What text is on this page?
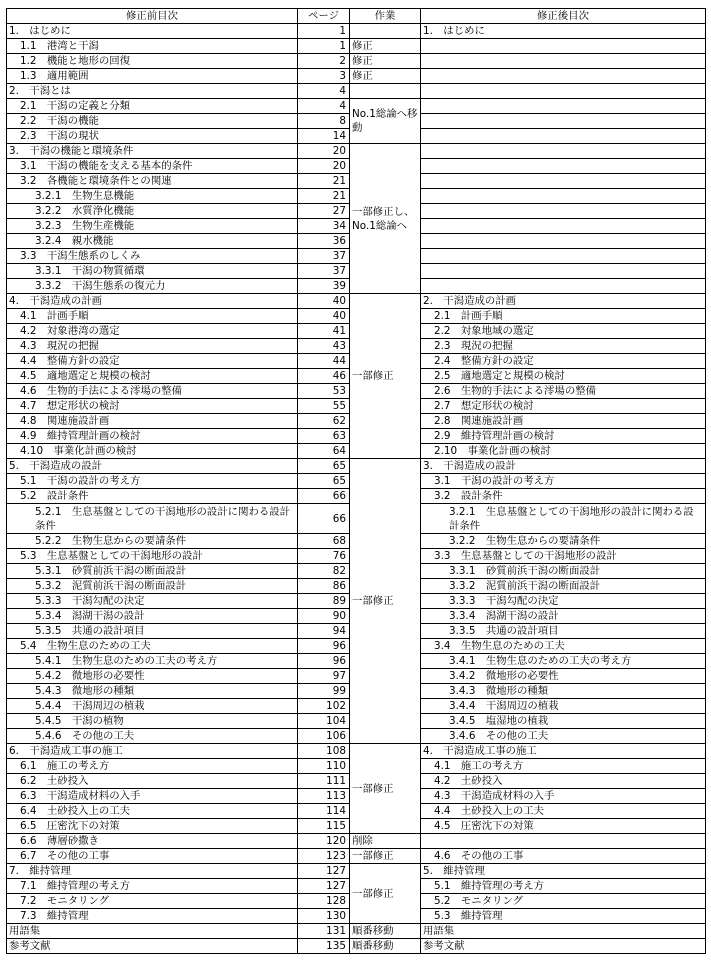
修正前目次	ページ	作業	修正後目次
1.　はじめに	1		1.　はじめに
1.1　港湾と干潟	1	修正	
1.2　機能と地形の回復	2	修正	
1.3　適用範囲	3	修正	
2.　干潟とは	4		
2.1　干潟の定義と分類	4	No.1総論へ移動	
2.2　干潟の機能	8		
2.3　干潟の現状	14		
3.　干潟の機能と環境条件	20	一部修正し、No.1総論へ	
3.1　干潟の機能を支える基本的条件	20		
3.2　各機能と環境条件との関連	21		
3.2.1　生物生息機能	21		
3.2.2　水質浄化機能	27		
3.2.3　生物生産機能	34		
3.2.4　親水機能	36		
3.3　干潟生態系のしくみ	37		
3.3.1　干潟の物質循環	37		
3.3.2　干潟生態系の復元力	39		
4.　干潟造成の計画	40	一部修正	2.　干潟造成の計画
4.1　計画手順	40		2.1　計画手順
4.2　対象港湾の選定	41		2.2　対象地域の選定
4.3　現況の把握	43		2.3　現況の把握
4.4　整備方針の設定	44		2.4　整備方針の設定
4.5　適地選定と規模の検討	46		2.5　適地選定と規模の検討
4.6　生物的手法による澪場の整備	53		2.6　生物的手法による澪場の整備
4.7　想定形状の検討	55		2.7　想定形状の検討
4.8　関連施設計画	62		2.8　関連施設計画
4.9　維持管理計画の検討	63		2.9　維持管理計画の検討
4.10　事業化計画の検討	64		2.10　事業化計画の検討
5.　干潟造成の設計	65	一部修正	3.　干潟造成の設計
5.1　干潟の設計の考え方	65		3.1　干潟の設計の考え方
5.2　設計条件	66		3.2　設計条件
5.2.1　生息基盤としての干潟地形の設計に関わる設計条件	66		3.2.1　生息基盤としての干潟地形の設計に関わる設計条件
5.2.2　生物生息からの要請条件	68		3.2.2　生物生息からの要請条件
5.3　生息基盤としての干潟地形の設計	76		3.3　生息基盤としての干潟地形の設計
5.3.1　砂質前浜干潟の断面設計	82		3.3.1　砂質前浜干潟の断面設計
5.3.2　泥質前浜干潟の断面設計	86		3.3.2　泥質前浜干潟の断面設計
5.3.3　干潟勾配の決定	89		3.3.3　干潟勾配の決定
5.3.4　潟湖干潟の設計	90		3.3.4　潟湖干潟の設計
5.3.5　共通の設計項目	94		3.3.5　共通の設計項目
5.4　生物生息のための工夫	96		3.4　生物生息のための工夫
5.4.1　生物生息のための工夫の考え方	96		3.4.1　生物生息のための工夫の考え方
5.4.2　微地形の必要性	97		3.4.2　微地形の必要性
5.4.3　微地形の種類	99		3.4.3　微地形の種類
5.4.4　干潟周辺の植栽	102		3.4.4　干潟周辺の植栽
5.4.5　干潟の植物	104		3.4.5　塩湿地の植栽
5.4.6　その他の工夫	106		3.4.6　その他の工夫
6.　干潟造成工事の施工	108	一部修正	4.　干潟造成工事の施工
6.1　施工の考え方	110		4.1　施工の考え方
6.2　土砂投入	111		4.2　土砂投入
6.3　干潟造成材料の入手	113		4.3　干潟造成材料の入手
6.4　土砂投入上の工夫	114		4.4　土砂投入上の工夫
6.5　圧密沈下の対策	115		4.5　圧密沈下の対策
6.6　薄層砂撒き	120	削除	
6.7　その他の工事	123	一部修正	4.6　その他の工事
7.　維持管理	127	一部修正	5.　維持管理
7.1　維持管理の考え方	127		5.1　維持管理の考え方
7.2　モニタリング	128		5.2　モニタリング
7.3　維持管理	130		5.3　維持管理
用語集	131	順番移動	用語集
参考文献	135	順番移動	参考文献
